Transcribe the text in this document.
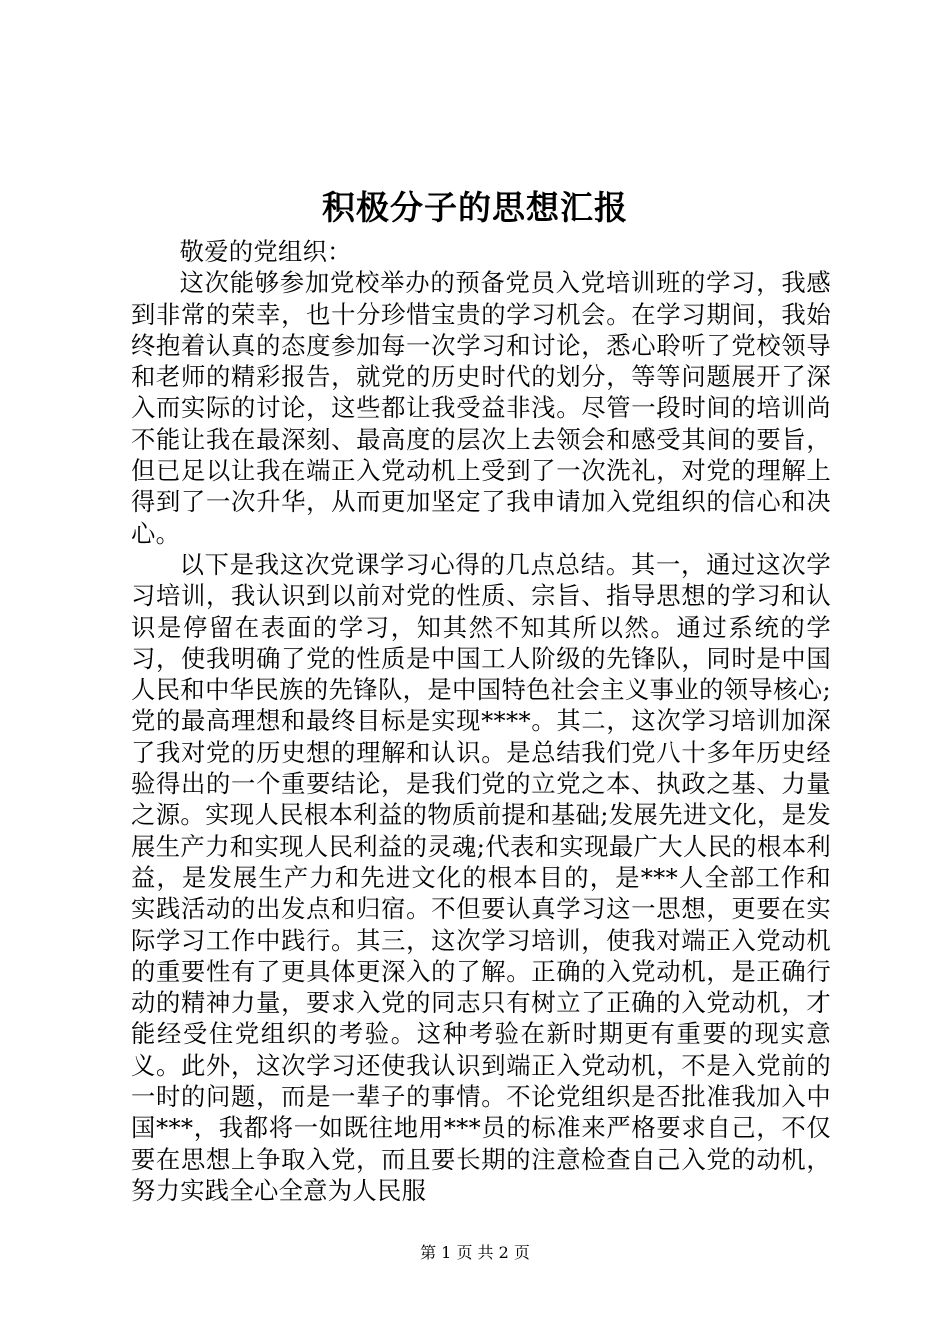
积极分子的思想汇报

敬爱的党组织：

这次能够参加党校举办的预备党员入党培训班的学习，我感到非常的荣幸，也十分珍惜宝贵的学习机会。在学习期间，我始终抱着认真的态度参加每一次学习和讨论，悉心聆听了党校领导和老师的精彩报告，就党的历史时代的划分，等等问题展开了深入而实际的讨论，这些都让我受益非浅。尽管一段时间的培训尚不能让我在最深刻、最高度的层次上去领会和感受其间的要旨，但已足以让我在端正入党动机上受到了一次洗礼，对党的理解上得到了一次升华，从而更加坚定了我申请加入党组织的信心和决心。

以下是我这次党课学习心得的几点总结。其一，通过这次学习培训，我认识到以前对党的性质、宗旨、指导思想的学习和认识是停留在表面的学习，知其然不知其所以然。通过系统的学习，使我明确了党的性质是中国工人阶级的先锋队，同时是中国人民和中华民族的先锋队，是中国特色社会主义事业的领导核心;党的最高理想和最终目标是实现****。其二，这次学习培训加深了我对党的历史想的理解和认识。是总结我们党八十多年历史经验得出的一个重要结论，是我们党的立党之本、执政之基、力量之源。实现人民根本利益的物质前提和基础;发展先进文化，是发展生产力和实现人民利益的灵魂;代表和实现最广大人民的根本利益，是发展生产力和先进文化的根本目的，是***人全部工作和实践活动的出发点和归宿。不但要认真学习这一思想，更要在实际学习工作中践行。其三，这次学习培训，使我对端正入党动机的重要性有了更具体更深入的了解。正确的入党动机，是正确行动的精神力量，要求入党的同志只有树立了正确的入党动机，才能经受住党组织的考验。这种考验在新时期更有重要的现实意义。此外，这次学习还使我认识到端正入党动机，不是入党前的一时的问题，而是一辈子的事情。不论党组织是否批准我加入中国***，我都将一如既往地用***员的标准来严格要求自己，不仅要在思想上争取入党，而且要长期的注意检查自己入党的动机，努力实践全心全意为人民服

第 1 页 共 2 页
